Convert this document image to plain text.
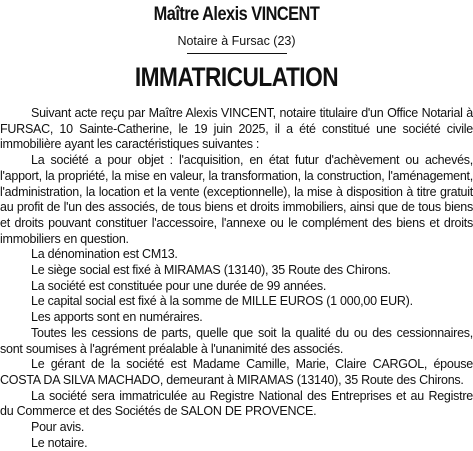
Maître Alexis VINCENT
Notaire à Fursac (23)
IMMATRICULATION

Suivant acte reçu par Maître Alexis VINCENT, notaire titulaire d'un Office Notarial à FURSAC, 10 Sainte-Catherine, le 19 juin 2025, il a été constitué une société civile immobilière ayant les caractéristiques suivantes :

La société a pour objet : l'acquisition, en état futur d'achèvement ou achevés, l'apport, la propriété, la mise en valeur, la transformation, la construction, l'aménagement, l'administration, la location et la vente (exceptionnelle), la mise à disposition à titre gratuit au profit de l'un des associés, de tous biens et droits immobiliers, ainsi que de tous biens et droits pouvant constituer l'accessoire, l'annexe ou le complément des biens et droits immobiliers en question.

La dénomination est CM13.

Le siège social est fixé à MIRAMAS (13140), 35 Route des Chirons.

La société est constituée pour une durée de 99 années.

Le capital social est fixé à la somme de MILLE EUROS (1 000,00 EUR).

Les apports sont en numéraires.

Toutes les cessions de parts, quelle que soit la qualité du ou des cessionnaires, sont soumises à l'agrément préalable à l'unanimité des associés.

Le gérant de la société est Madame Camille, Marie, Claire CARGOL, épouse COSTA DA SILVA MACHADO, demeurant à MIRAMAS (13140), 35 Route des Chirons.

La société sera immatriculée au Registre National des Entreprises et au Registre du Commerce et des Sociétés de SALON DE PROVENCE.

Pour avis.

Le notaire.
